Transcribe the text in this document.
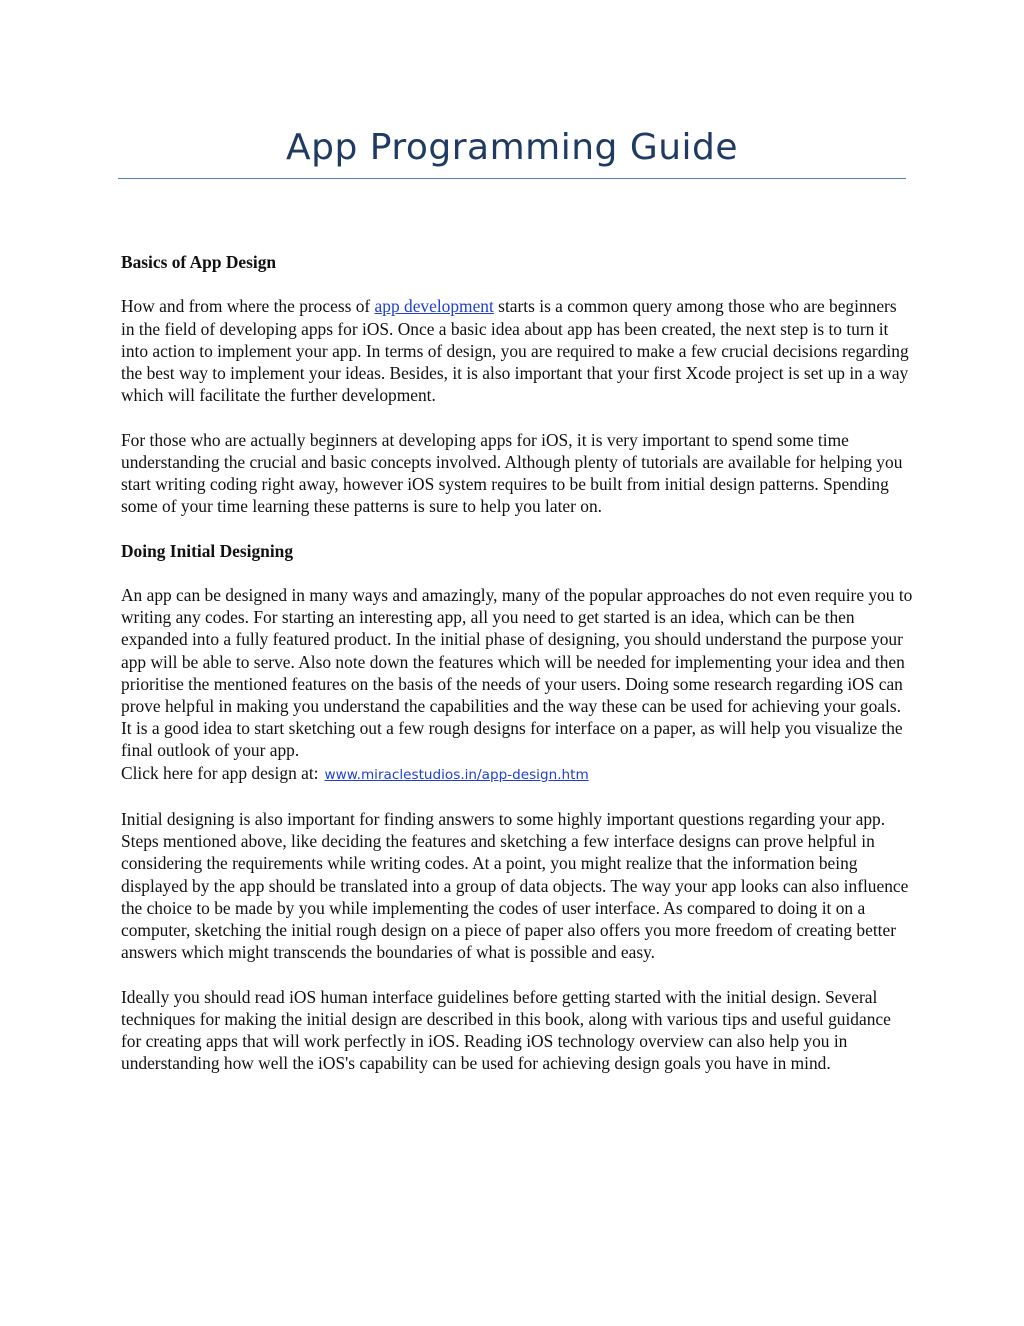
App Programming Guide
Basics of App Design

How and from where the process of app development starts is a common query among those who are beginners in the field of developing apps for iOS. Once a basic idea about app has been created, the next step is to turn it into action to implement your app. In terms of design, you are required to make a few crucial decisions regarding the best way to implement your ideas. Besides, it is also important that your first Xcode project is set up in a way which will facilitate the further development.

For those who are actually beginners at developing apps for iOS, it is very important to spend some time understanding the crucial and basic concepts involved. Although plenty of tutorials are available for helping you start writing coding right away, however iOS system requires to be built from initial design patterns. Spending some of your time learning these patterns is sure to help you later on.

Doing Initial Designing

An app can be designed in many ways and amazingly, many of the popular approaches do not even require you to writing any codes. For starting an interesting app, all you need to get started is an idea, which can be then expanded into a fully featured product. In the initial phase of designing, you should understand the purpose your app will be able to serve. Also note down the features which will be needed for implementing your idea and then prioritise the mentioned features on the basis of the needs of your users. Doing some research regarding iOS can prove helpful in making you understand the capabilities and the way these can be used for achieving your goals. It is a good idea to start sketching out a few rough designs for interface on a paper, as will help you visualize the final outlook of your app.

Click here for app design at: www.miraclestudios.in/app-design.htm

Initial designing is also important for finding answers to some highly important questions regarding your app. Steps mentioned above, like deciding the features and sketching a few interface designs can prove helpful in considering the requirements while writing codes. At a point, you might realize that the information being displayed by the app should be translated into a group of data objects. The way your app looks can also influence the choice to be made by you while implementing the codes of user interface. As compared to doing it on a computer, sketching the initial rough design on a piece of paper also offers you more freedom of creating better answers which might transcends the boundaries of what is possible and easy.

Ideally you should read iOS human interface guidelines before getting started with the initial design. Several techniques for making the initial design are described in this book, along with various tips and useful guidance for creating apps that will work perfectly in iOS. Reading iOS technology overview can also help you in understanding how well the iOS's capability can be used for achieving design goals you have in mind.
